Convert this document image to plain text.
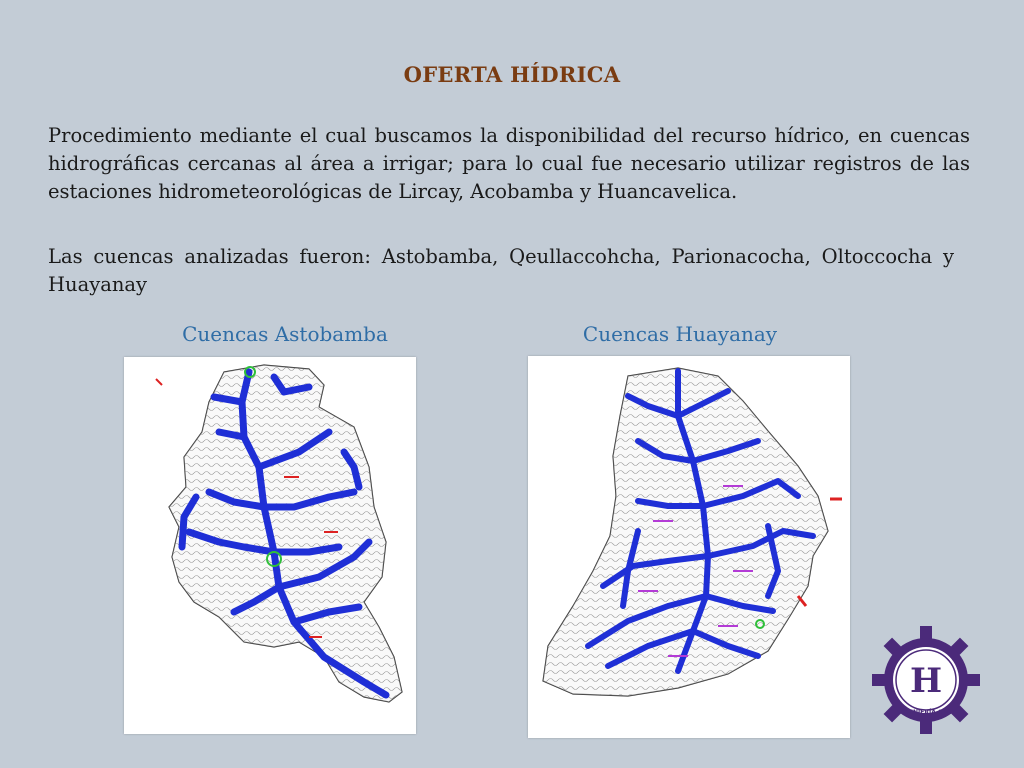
OFERTA HÍDRICA
Procedimiento mediante el cual buscamos la disponibilidad del recurso hídrico, en cuencas hidrográficas cercanas al área a irrigar; para lo cual fue necesario utilizar registros de las estaciones hidrometeorológicas de Lircay, Acobamba y Huancavelica.
Las cuencas analizadas fueron: Astobamba, Qeullaccohcha, Parionacocha, Oltoccocha y Huayanay
Cuencas Astobamba	Cuencas Huayanay
H
INGENIERÍA CIVIL
